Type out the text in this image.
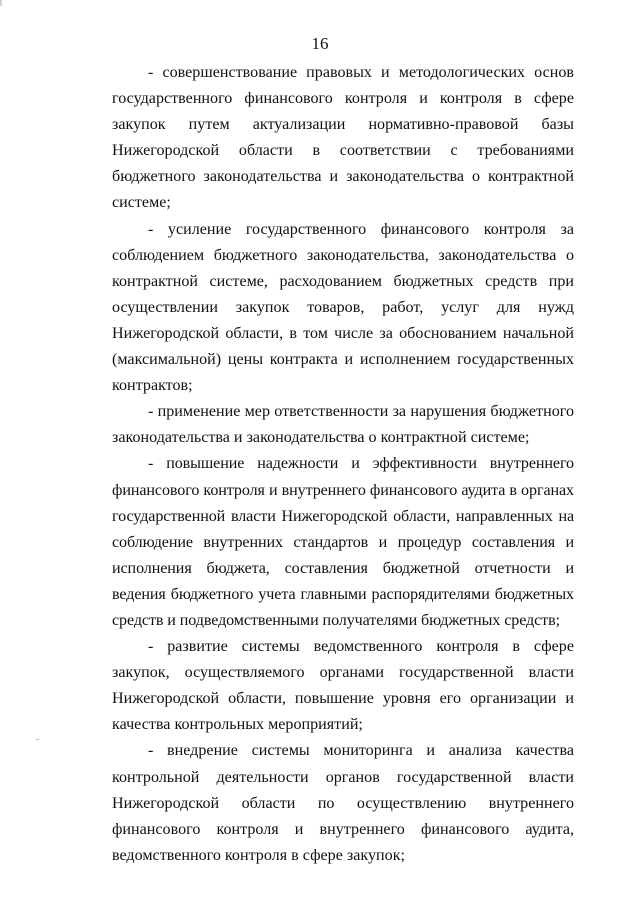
16

- совершенствование правовых и методологических основ государственного финансового контроля и контроля в сфере закупок путем актуализации нормативно-правовой базы Нижегородской области в соответствии с требованиями бюджетного законодательства и законодательства о контрактной системе;

- усиление государственного финансового контроля за соблюдением бюджетного законодательства, законодательства о контрактной системе, расходованием бюджетных средств при осуществлении закупок товаров, работ, услуг для нужд Нижегородской области, в том числе за обоснованием начальной (максимальной) цены контракта и исполнением государственных контрактов;

- применение мер ответственности за нарушения бюджетного законодательства и законодательства о контрактной системе;

- повышение надежности и эффективности внутреннего финансового контроля и внутреннего финансового аудита в органах государственной власти Нижегородской области, направленных на соблюдение внутренних стандартов и процедур составления и исполнения бюджета, составления бюджетной отчетности и ведения бюджетного учета главными распорядителями бюджетных средств и подведомственными получателями бюджетных средств;

- развитие системы ведомственного контроля в сфере закупок, осуществляемого органами государственной власти Нижегородской области, повышение уровня его организации и качества контрольных мероприятий;

- внедрение системы мониторинга и анализа качества контрольной деятельности органов государственной власти Нижегородской области по осуществлению внутреннего финансового контроля и внутреннего финансового аудита, ведомственного контроля в сфере закупок;
